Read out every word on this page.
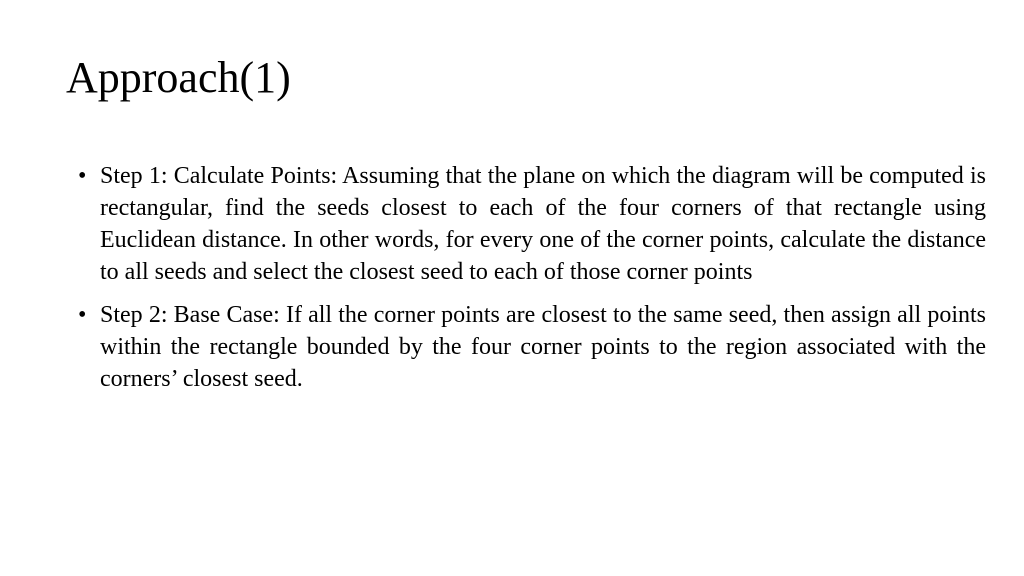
Approach(1)
• Step 1: Calculate Points: Assuming that the plane on which the diagram will be computed is rectangular, find the seeds closest to each of the four corners of that rectangle using Euclidean distance. In other words, for every one of the corner points, calculate the distance to all seeds and select the closest seed to each of those corner points
• Step 2: Base Case: If all the corner points are closest to the same seed, then assign all points within the rectangle bounded by the four corner points to the region associated with the corners’ closest seed.
